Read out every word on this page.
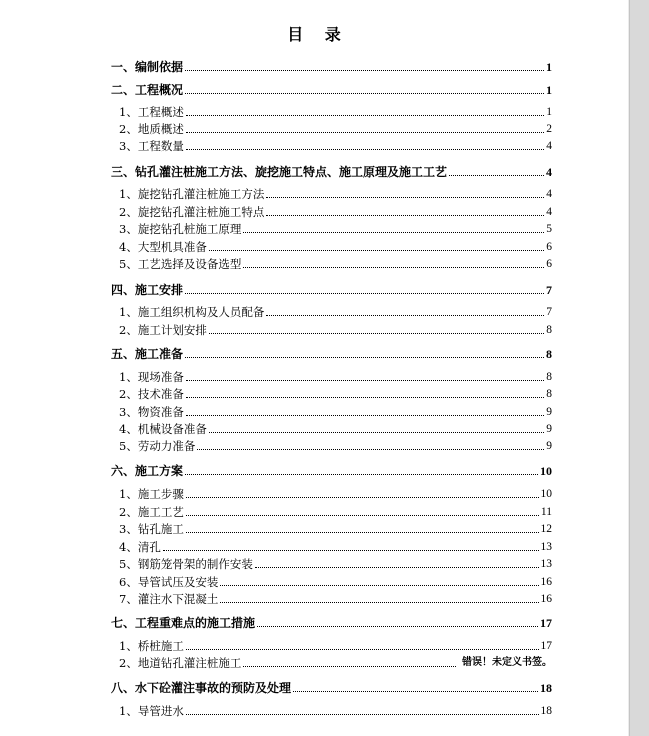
目 录
一、编制依据	1
二、工程概况	1
1、工程概述	1
2、地质概述	2
3、工程数量	4
三、钻孔灌注桩施工方法、旋挖施工特点、施工原理及施工工艺	4
1、旋挖钻孔灌注桩施工方法	4
2、旋挖钻孔灌注桩施工特点	4
3、旋挖钻孔桩施工原理	5
4、大型机具准备	6
5、工艺选择及设备选型	6
四、施工安排	7
1、施工组织机构及人员配备	7
2、施工计划安排	8
五、施工准备	8
1、现场准备	8
2、技术准备	8
3、物资准备	9
4、机械设备准备	9
5、劳动力准备	9
六、施工方案	10
1、施工步骤	10
2、施工工艺	11
3、钻孔施工	12
4、清孔	13
5、钢筋笼骨架的制作安装	13
6、导管试压及安装	16
7、灌注水下混凝土	16
七、工程重难点的施工措施	17
1、桥桩施工	17
2、地道钻孔灌注桩施工	错误！未定义书签。
八、水下砼灌注事故的预防及处理	18
1、导管进水	18
